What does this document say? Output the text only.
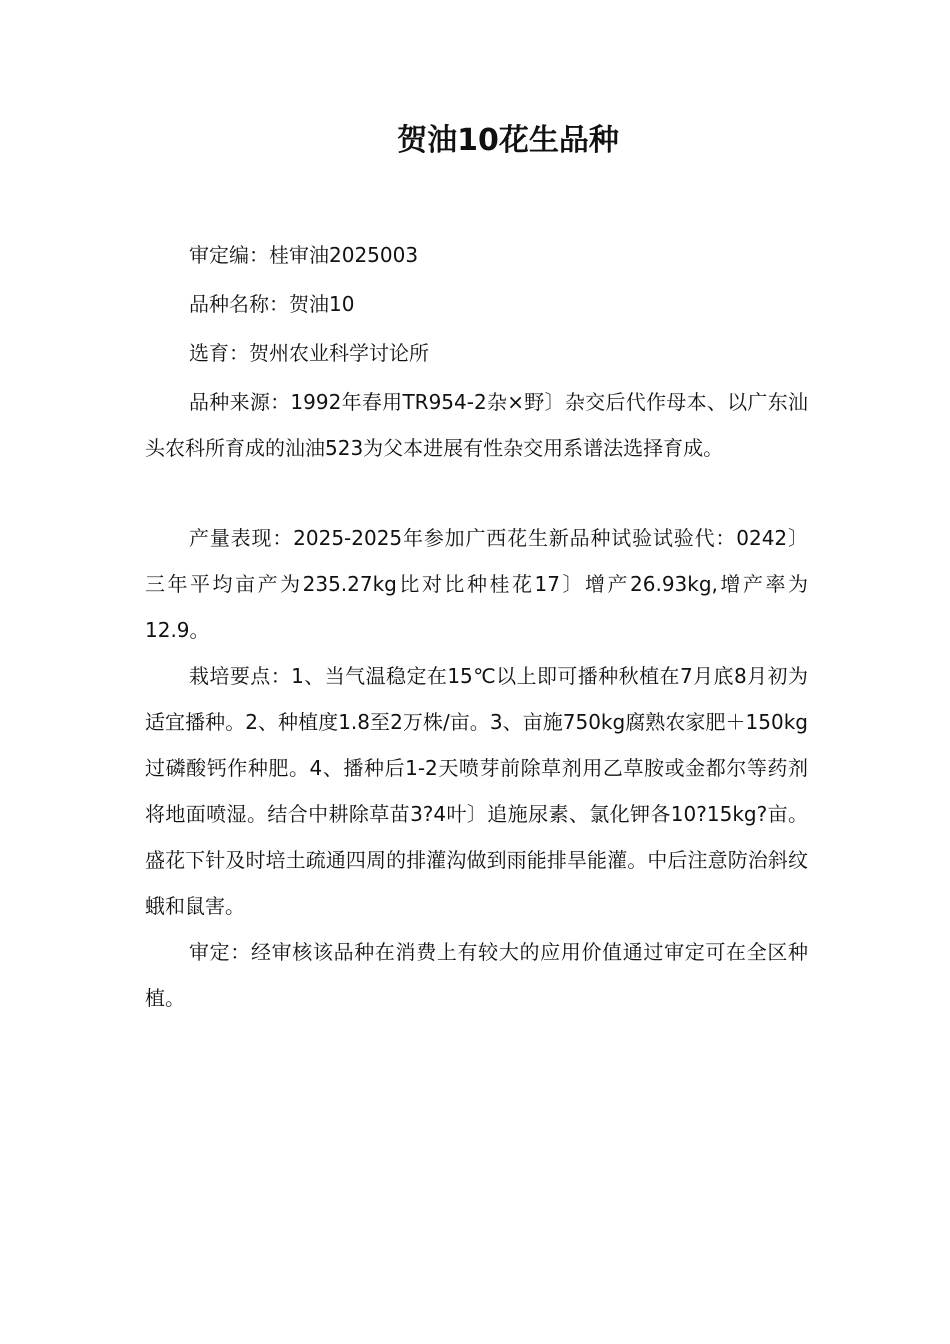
贺油10花生品种

审定编：桂审油2025003

品种名称：贺油10

选育：贺州农业科学讨论所

品种来源：1992年春用TR954-2杂×野〕杂交后代作母本、以广东汕头农科所育成的汕油523为父本进展有性杂交用系谱法选择育成。

产量表现：2025-2025年参加广西花生新品种试验试验代：0242〕三年平均亩产为235.27kg比对比种桂花17〕增产26.93kg,增产率为12.9。

栽培要点：1、当气温稳定在15℃以上即可播种秋植在7月底8月初为适宜播种。2、种植度1.8至2万株/亩。3、亩施750kg腐熟农家肥＋150kg过磷酸钙作种肥。4、播种后1-2天喷芽前除草剂用乙草胺或金都尔等药剂将地面喷湿。结合中耕除草苗3?4叶〕追施尿素、氯化钾各10?15kg?亩。盛花下针及时培土疏通四周的排灌沟做到雨能排旱能灌。中后注意防治斜纹蛾和鼠害。

审定：经审核该品种在消费上有较大的应用价值通过审定可在全区种植。
